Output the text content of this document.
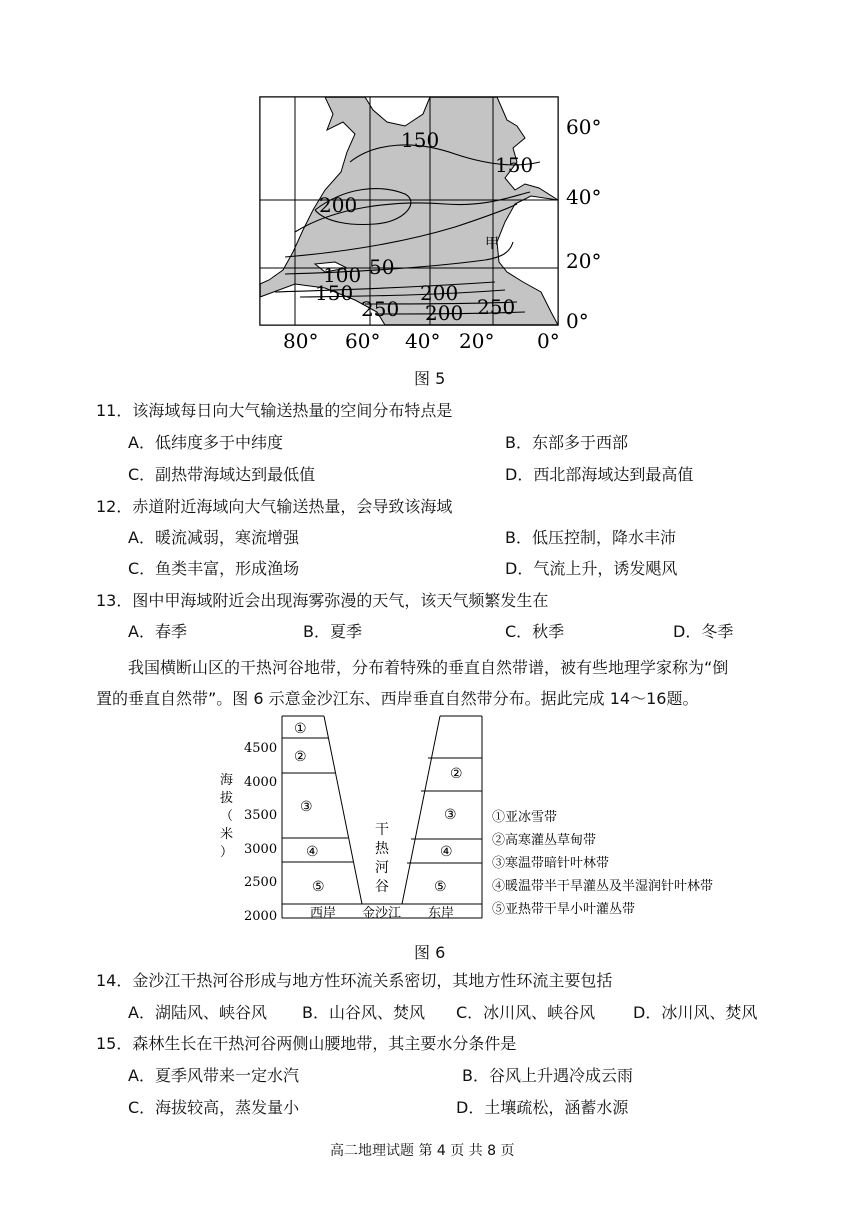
150
150
200
100 50
150
250
200
200 250
甲
60°
40°
20°
0°
80° 60° 40° 20° 0°
图 5
11．该海域每日向大气输送热量的空间分布特点是
A．低纬度多于中纬度	B．东部多于西部
C．副热带海域达到最低值	D．西北部海域达到最高值
12．赤道附近海域向大气输送热量，会导致该海域
A．暖流减弱，寒流增强	B．低压控制，降水丰沛
C．鱼类丰富，形成渔场	D．气流上升，诱发飓风
13．图中甲海域附近会出现海雾弥漫的天气，该天气频繁发生在
A．春季	B．夏季	C．秋季	D．冬季
我国横断山区的干热河谷地带，分布着特殊的垂直自然带谱，被有些地理学家称为“倒
置的垂直自然带”。图 6 示意金沙江东、西岸垂直自然带分布。据此完成 14～16题。
海
拔
（
米
）
4500
4000
3500
3000
2500
2000
①
②
③
④
⑤
②
③
④
⑤
干
热
河
谷
西岸 金沙江 东岸
①亚冰雪带
②高寒灌丛草甸带
③寒温带暗针叶林带
④暖温带半干旱灌丛及半湿润针叶林带
⑤亚热带干旱小叶灌丛带
图 6
14．金沙江干热河谷形成与地方性环流关系密切，其地方性环流主要包括
A．湖陆风、峡谷风 B．山谷风、焚风 C．冰川风、峡谷风 D．冰川风、焚风
15．森林生长在干热河谷两侧山腰地带，其主要水分条件是
A．夏季风带来一定水汽	B．谷风上升遇冷成云雨
C．海拔较高，蒸发量小	D．土壤疏松，涵蓄水源
高二地理试题 第 4 页 共 8 页
